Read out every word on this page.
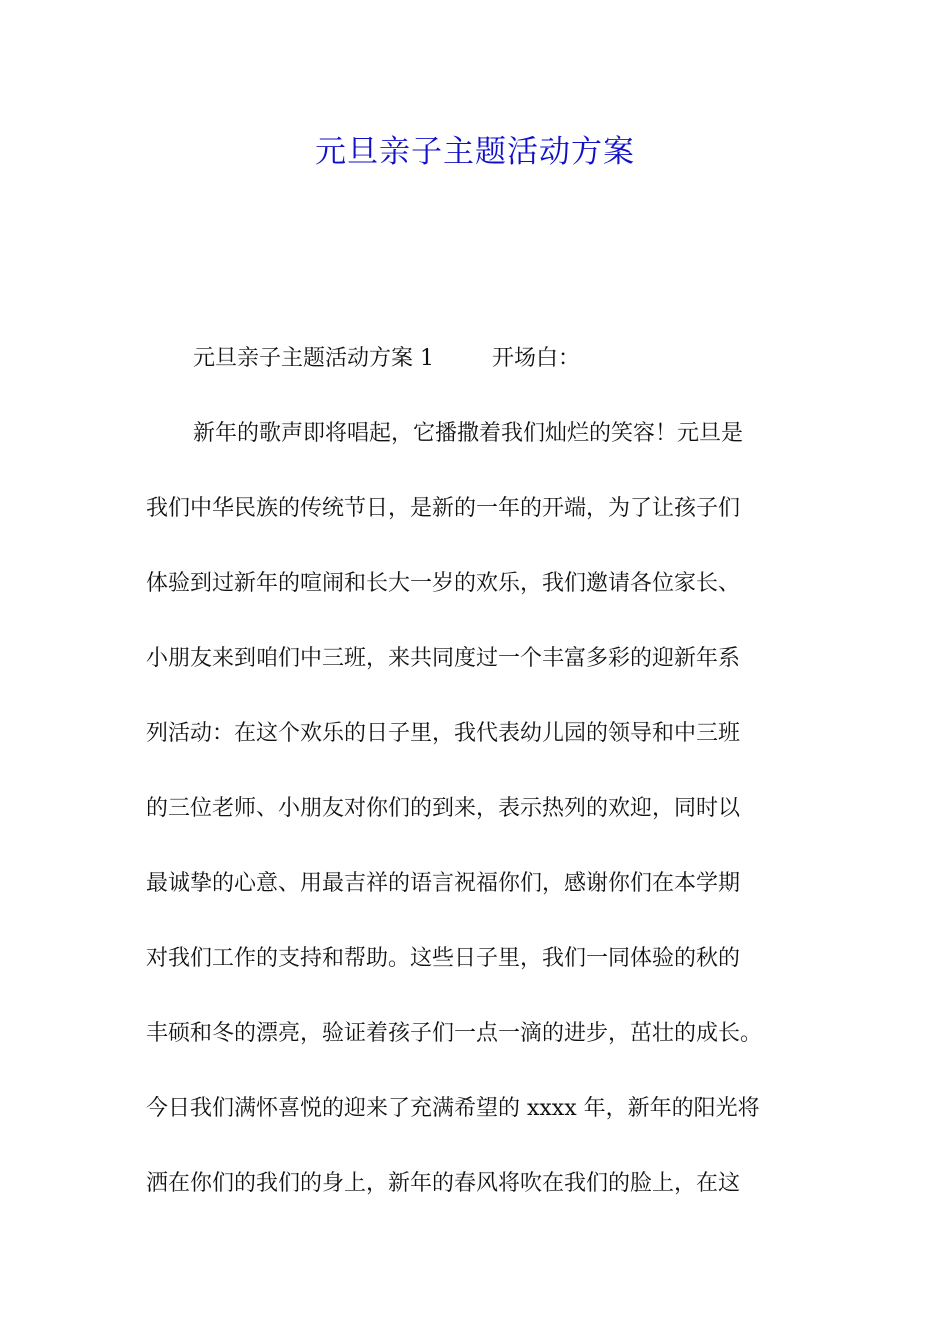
元旦亲子主题活动方案
元旦亲子主题活动方案 1	开场白：
新年的歌声即将唱起，它播撒着我们灿烂的笑容！元旦是
我们中华民族的传统节日，是新的一年的开端，为了让孩子们
体验到过新年的喧闹和长大一岁的欢乐，我们邀请各位家长、
小朋友来到咱们中三班，来共同度过一个丰富多彩的迎新年系
列活动：在这个欢乐的日子里，我代表幼儿园的领导和中三班
的三位老师、小朋友对你们的到来，表示热列的欢迎，同时以
最诚挚的心意、用最吉祥的语言祝福你们，感谢你们在本学期
对我们工作的支持和帮助。这些日子里，我们一同体验的秋的
丰硕和冬的漂亮，验证着孩子们一点一滴的进步，茁壮的成长。
今日我们满怀喜悦的迎来了充满希望的 xxxx 年，新年的阳光将
洒在你们的我们的身上，新年的春风将吹在我们的脸上，在这
